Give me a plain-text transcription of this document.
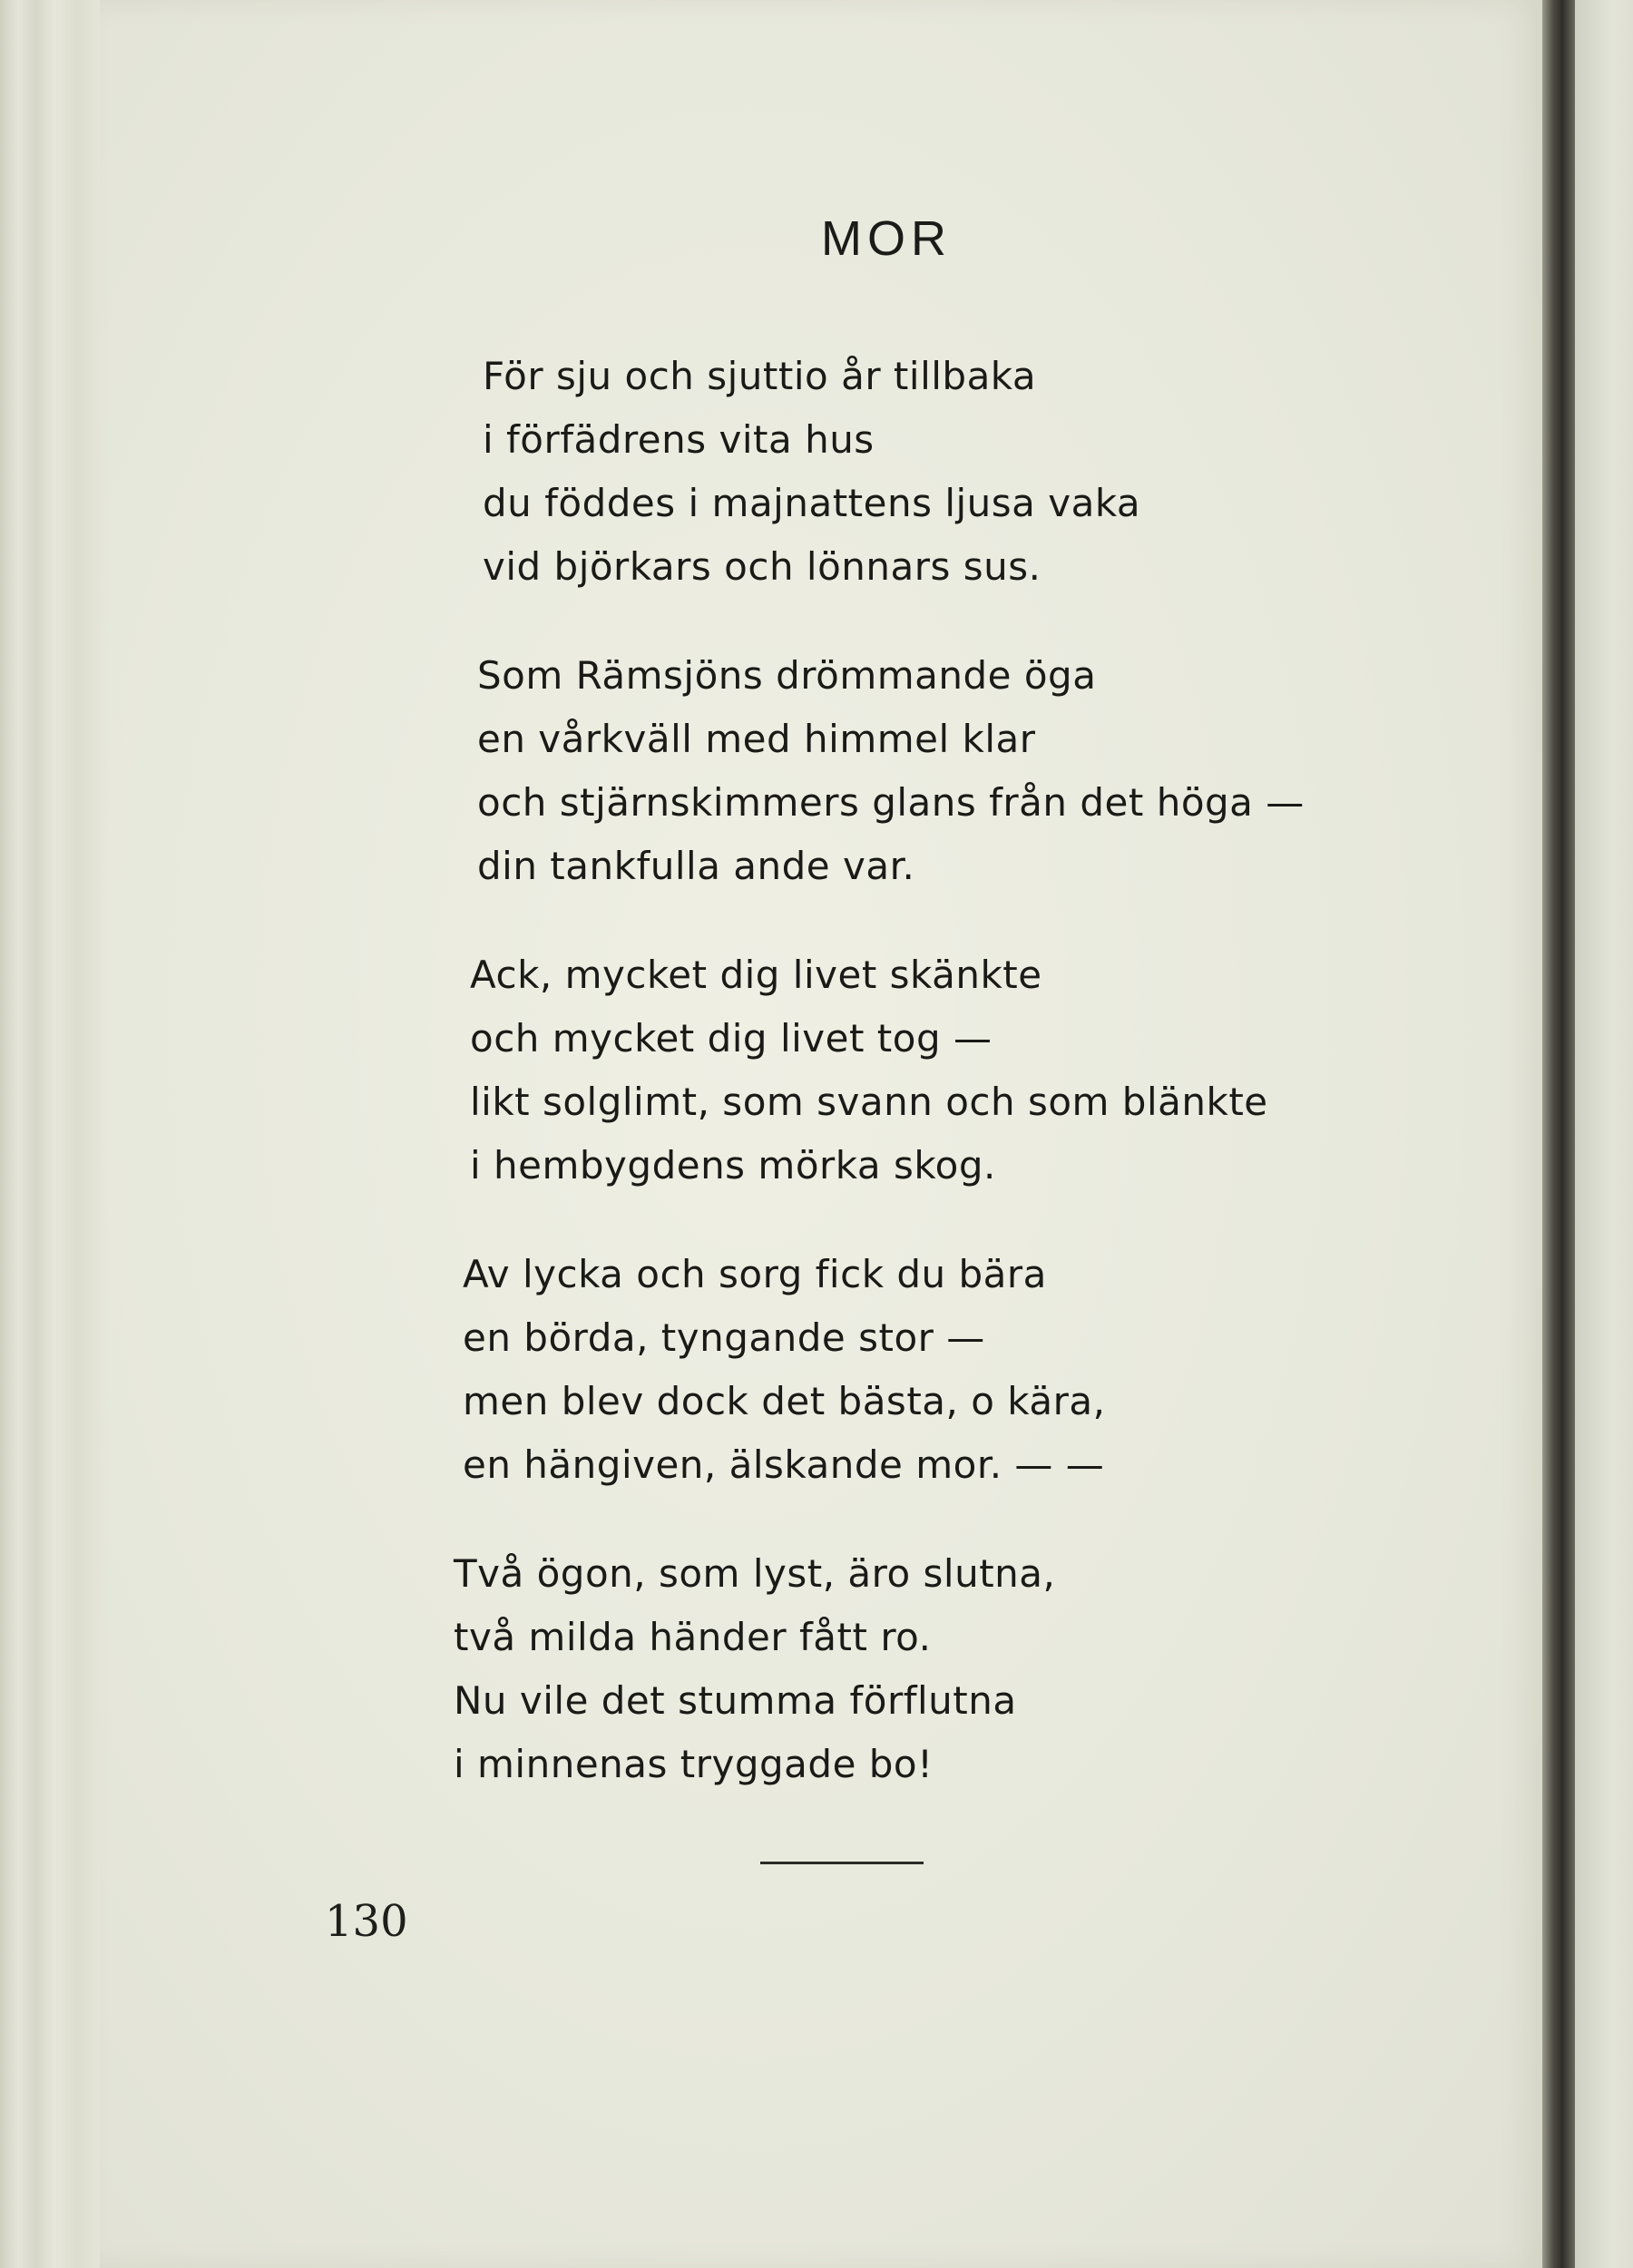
MOR
För sju och sjuttio år tillbaka
i förfädrens vita hus
du föddes i majnattens ljusa vaka
vid björkars och lönnars sus.
Som Rämsjöns drömmande öga
en vårkväll med himmel klar
och stjärnskimmers glans från det höga —
din tankfulla ande var.
Ack, mycket dig livet skänkte
och mycket dig livet tog —
likt solglimt, som svann och som blänkte
i hembygdens mörka skog.
Av lycka och sorg fick du bära
en börda, tyngande stor —
men blev dock det bästa, o kära,
en hängiven, älskande mor. — —
Två ögon, som lyst, äro slutna,
två milda händer fått ro.
Nu vile det stumma förflutna
i minnenas tryggade bo!
130
